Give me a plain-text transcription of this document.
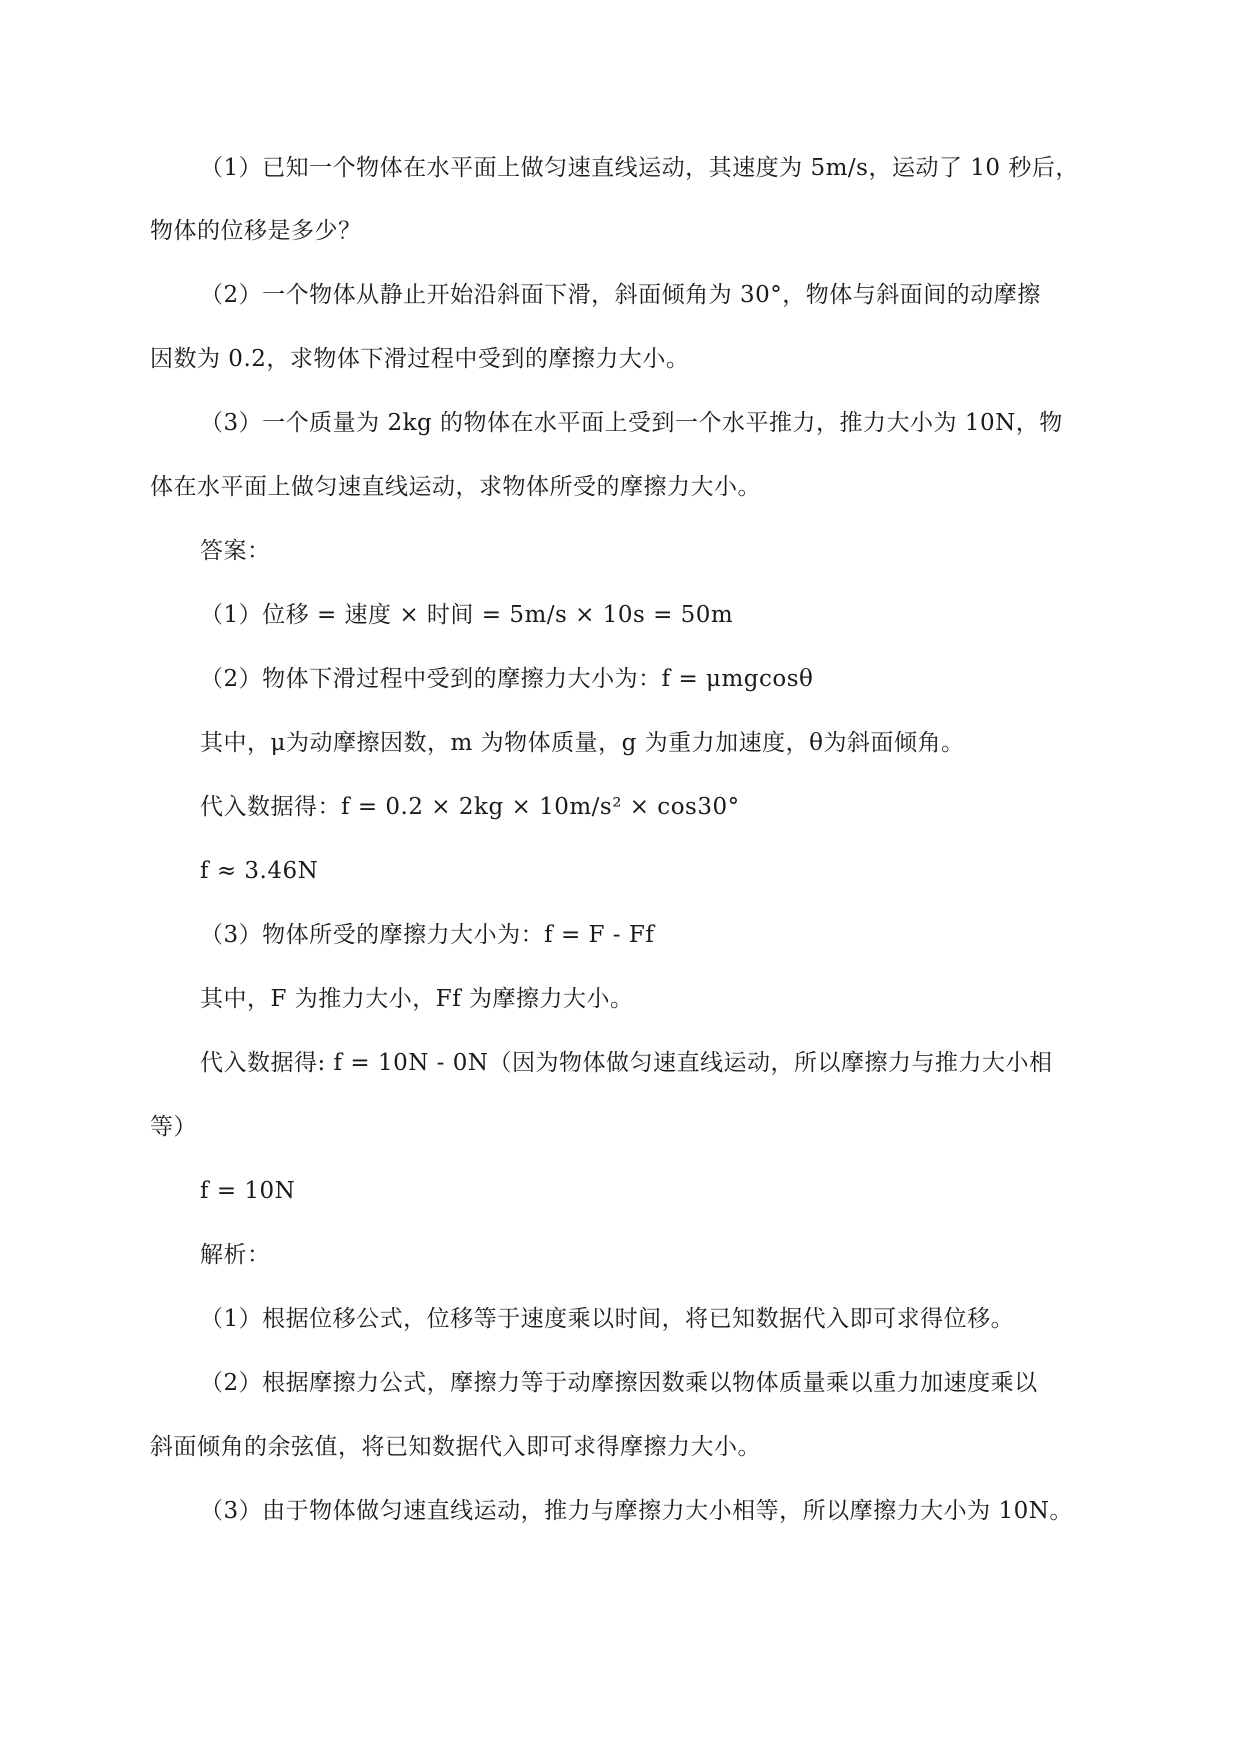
（1）已知一个物体在水平面上做匀速直线运动，其速度为 5m/s，运动了 10 秒后，
物体的位移是多少？
（2）一个物体从静止开始沿斜面下滑，斜面倾角为 30°，物体与斜面间的动摩擦
因数为 0.2，求物体下滑过程中受到的摩擦力大小。
（3）一个质量为 2kg 的物体在水平面上受到一个水平推力，推力大小为 10N，物
体在水平面上做匀速直线运动，求物体所受的摩擦力大小。
答案：
（1）位移 = 速度 × 时间 = 5m/s × 10s = 50m
（2）物体下滑过程中受到的摩擦力大小为：f = μmgcosθ
其中，μ为动摩擦因数，m 为物体质量，g 为重力加速度，θ为斜面倾角。
代入数据得：f = 0.2 × 2kg × 10m/s² × cos30°
f ≈ 3.46N
（3）物体所受的摩擦力大小为：f = F - Ff
其中，F 为推力大小，Ff 为摩擦力大小。
代入数据得: f = 10N - 0N（因为物体做匀速直线运动，所以摩擦力与推力大小相
等）
f = 10N
解析：
（1）根据位移公式，位移等于速度乘以时间，将已知数据代入即可求得位移。
（2）根据摩擦力公式，摩擦力等于动摩擦因数乘以物体质量乘以重力加速度乘以
斜面倾角的余弦值，将已知数据代入即可求得摩擦力大小。
（3）由于物体做匀速直线运动，推力与摩擦力大小相等，所以摩擦力大小为 10N。
